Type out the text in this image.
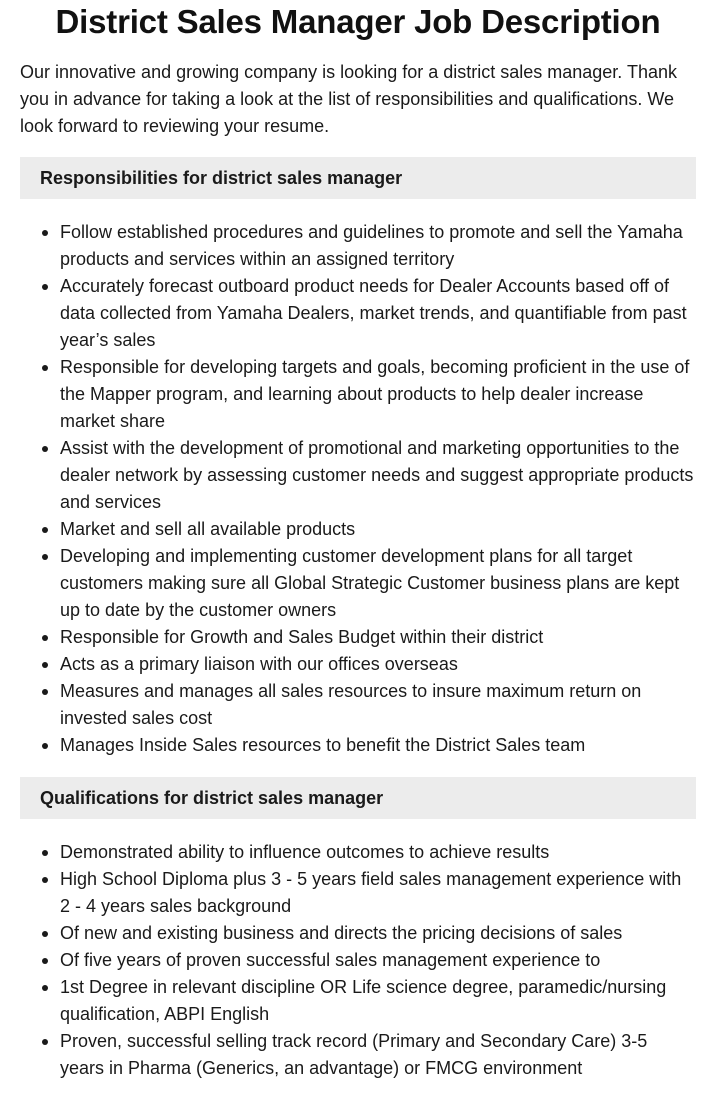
District Sales Manager Job Description

Our innovative and growing company is looking for a district sales manager. Thank you in advance for taking a look at the list of responsibilities and qualifications. We look forward to reviewing your resume.

Responsibilities for district sales manager
Follow established procedures and guidelines to promote and sell the Yamaha products and services within an assigned territory
Accurately forecast outboard product needs for Dealer Accounts based off of data collected from Yamaha Dealers, market trends, and quantifiable from past year’s sales
Responsible for developing targets and goals, becoming proficient in the use of the Mapper program, and learning about products to help dealer increase market share
Assist with the development of promotional and marketing opportunities to the dealer network by assessing customer needs and suggest appropriate products and services
Market and sell all available products
Developing and implementing customer development plans for all target customers making sure all Global Strategic Customer business plans are kept up to date by the customer owners
Responsible for Growth and Sales Budget within their district
Acts as a primary liaison with our offices overseas
Measures and manages all sales resources to insure maximum return on invested sales cost
Manages Inside Sales resources to benefit the District Sales team
Qualifications for district sales manager
Demonstrated ability to influence outcomes to achieve results
High School Diploma plus 3 - 5 years field sales management experience with 2 - 4 years sales background
Of new and existing business and directs the pricing decisions of sales
Of five years of proven successful sales management experience to
1st Degree in relevant discipline OR Life science degree, paramedic/nursing qualification, ABPI English
Proven, successful selling track record (Primary and Secondary Care) 3-5 years in Pharma (Generics, an advantage) or FMCG environment
